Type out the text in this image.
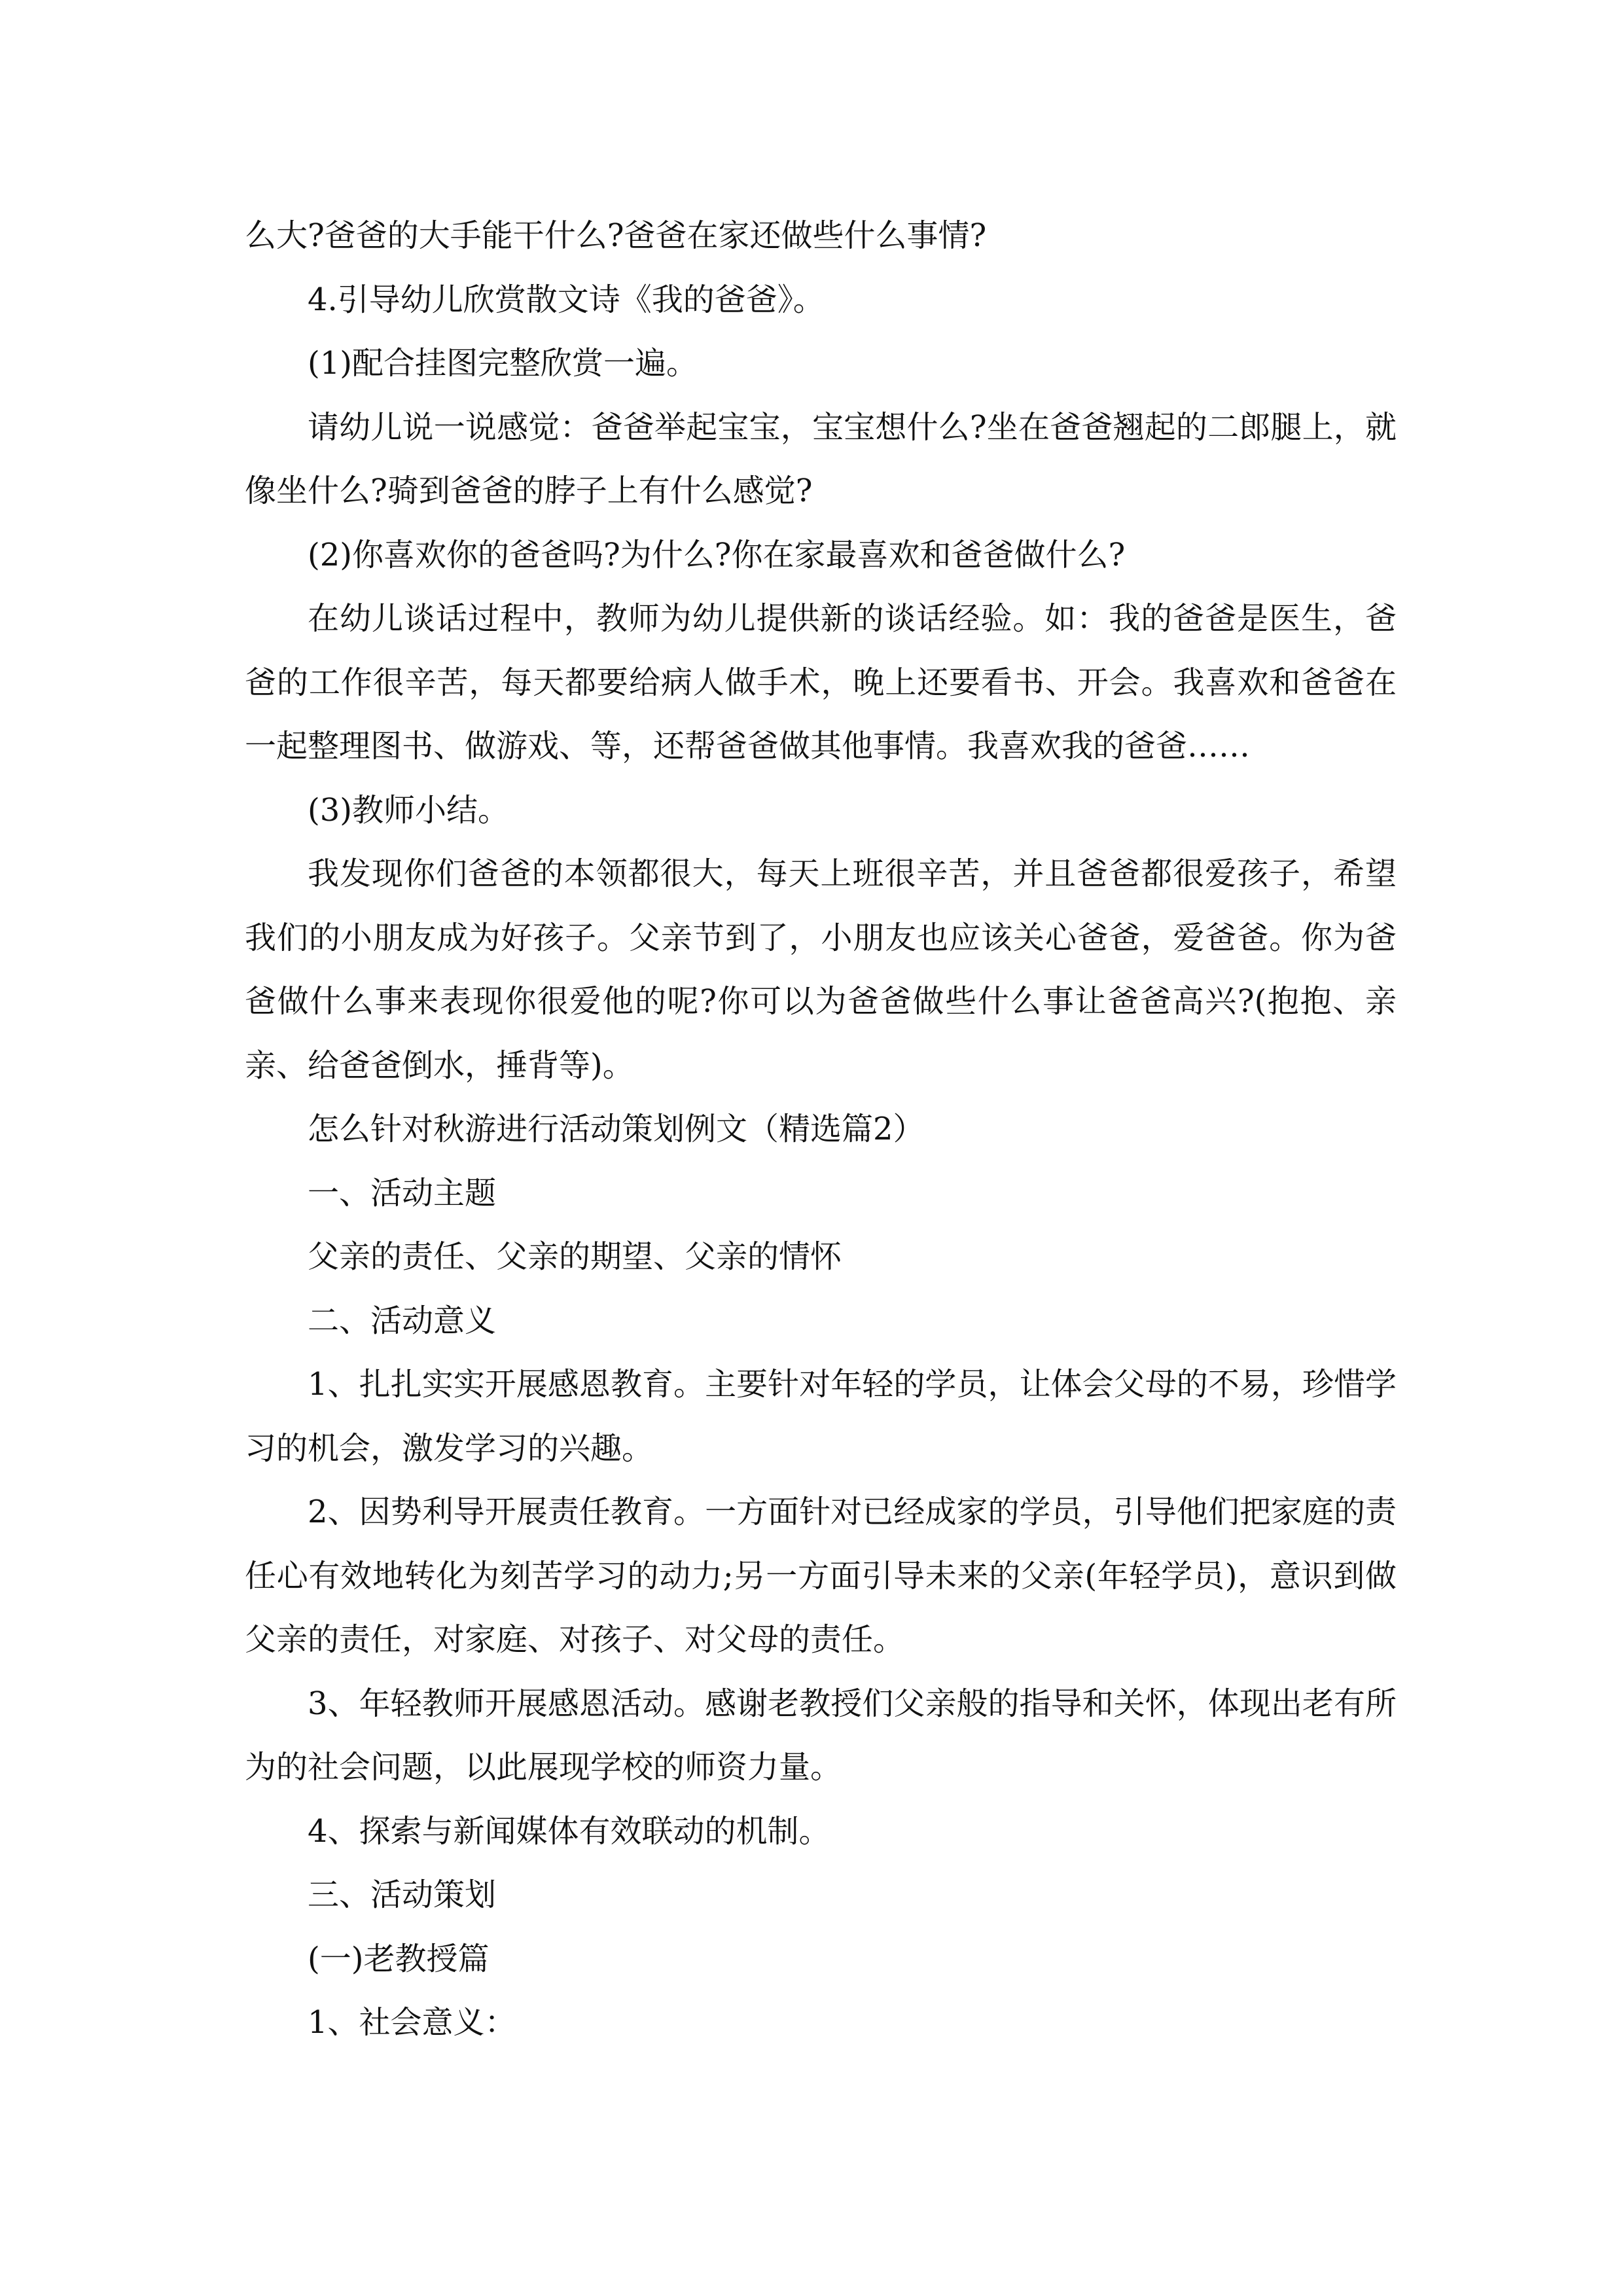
么大?爸爸的大手能干什么?爸爸在家还做些什么事情?

4.引导幼儿欣赏散文诗《我的爸爸》。

(1)配合挂图完整欣赏一遍。

请幼儿说一说感觉：爸爸举起宝宝，宝宝想什么?坐在爸爸翘起的二郎腿上，就像坐什么?骑到爸爸的脖子上有什么感觉?

(2)你喜欢你的爸爸吗?为什么?你在家最喜欢和爸爸做什么?

在幼儿谈话过程中，教师为幼儿提供新的谈话经验。如：我的爸爸是医生，爸爸的工作很辛苦，每天都要给病人做手术，晚上还要看书、开会。我喜欢和爸爸在一起整理图书、做游戏、等，还帮爸爸做其他事情。我喜欢我的爸爸……

(3)教师小结。

我发现你们爸爸的本领都很大，每天上班很辛苦，并且爸爸都很爱孩子，希望我们的小朋友成为好孩子。父亲节到了，小朋友也应该关心爸爸，爱爸爸。你为爸爸做什么事来表现你很爱他的呢?你可以为爸爸做些什么事让爸爸高兴?(抱抱、亲亲、给爸爸倒水，捶背等)。

怎么针对秋游进行活动策划例文（精选篇2）

一、活动主题

父亲的责任、父亲的期望、父亲的情怀

二、活动意义

1、扎扎实实开展感恩教育。主要针对年轻的学员，让体会父母的不易，珍惜学习的机会，激发学习的兴趣。

2、因势利导开展责任教育。一方面针对已经成家的学员，引导他们把家庭的责任心有效地转化为刻苦学习的动力;另一方面引导未来的父亲(年轻学员)，意识到做父亲的责任，对家庭、对孩子、对父母的责任。

3、年轻教师开展感恩活动。感谢老教授们父亲般的指导和关怀，体现出老有所为的社会问题，以此展现学校的师资力量。

4、探索与新闻媒体有效联动的机制。

三、活动策划

(一)老教授篇

1、社会意义：
